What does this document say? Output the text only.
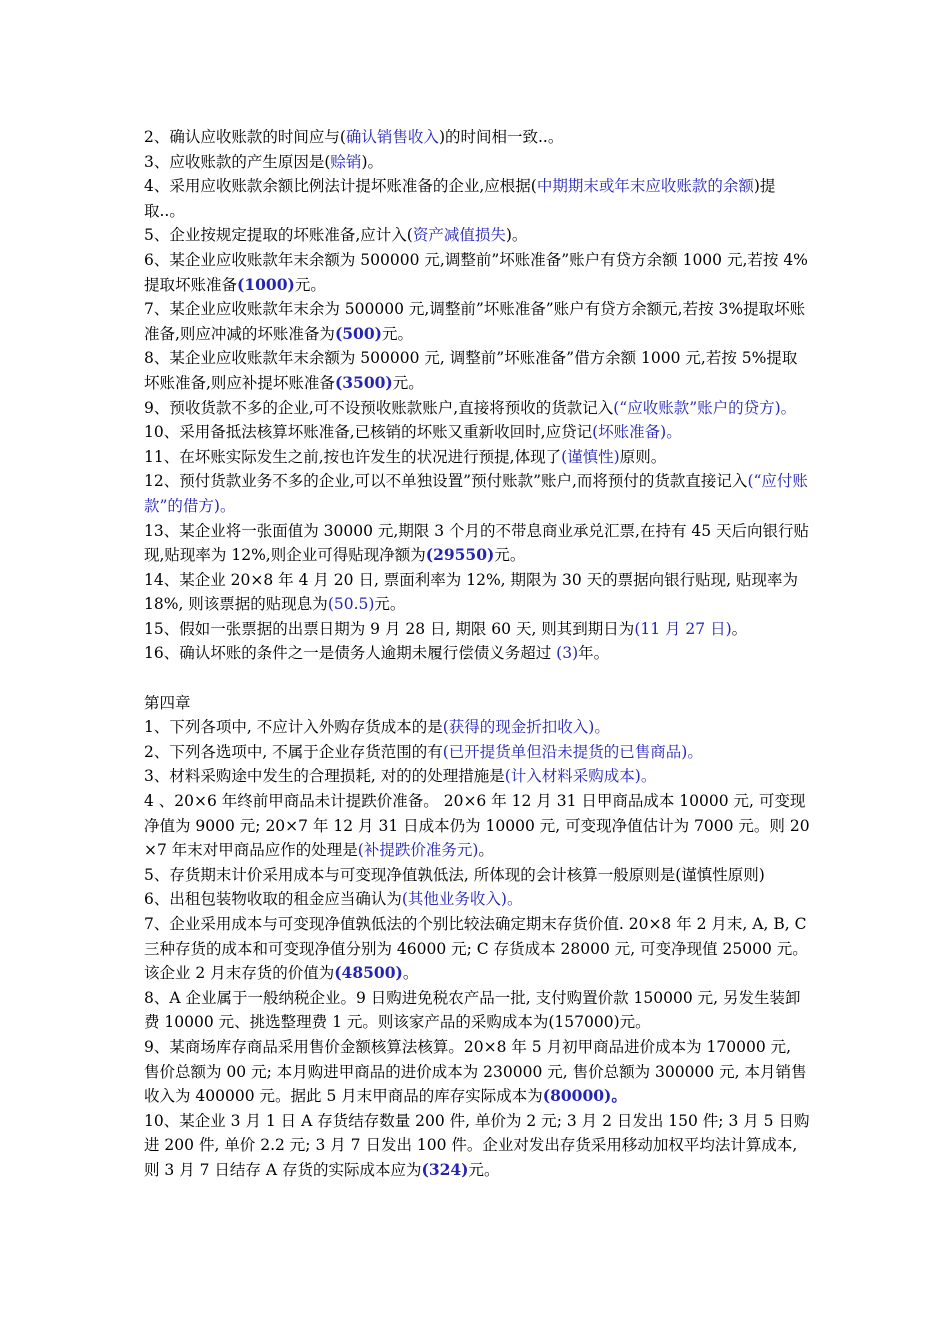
2、确认应收账款的时间应与(确认销售收入)的时间相一致..。
3、应收账款的产生原因是(赊销)。
4、采用应收账款余额比例法计提坏账准备的企业,应根据(中期期末或年末应收账款的余额)提取..。
5、企业按规定提取的坏账准备,应计入(资产减值损失)。
6、某企业应收账款年末余额为 500000 元,调整前”坏账准备”账户有贷方余额 1000 元,若按 4%提取坏账准备(1000)元。
7、某企业应收账款年末余为 500000 元,调整前”坏账准备”账户有贷方余额元,若按 3%提取坏账准备,则应冲减的坏账准备为(500)元。
8、某企业应收账款年末余额为 500000 元, 调整前”坏账准备”借方余额 1000 元,若按 5%提取坏账准备,则应补提坏账准备(3500)元。
9、预收货款不多的企业,可不设预收账款账户,直接将预收的货款记入(“应收账款”账户的贷方)。
10、采用备抵法核算坏账准备,已核销的坏账又重新收回时,应贷记(坏账准备)。
11、在坏账实际发生之前,按也许发生的状况进行预提,体现了(谨慎性)原则。
12、预付货款业务不多的企业,可以不单独设置”预付账款”账户,而将预付的货款直接记入(“应付账款”的借方)。
13、某企业将一张面值为 30000 元,期限 3 个月的不带息商业承兑汇票,在持有 45 天后向银行贴现,贴现率为 12%,则企业可得贴现净额为(29550)元。
14、某企业 20×8 年 4 月 20 日, 票面利率为 12%, 期限为 30 天的票据向银行贴现, 贴现率为 18%, 则该票据的贴现息为(50.5)元。
15、假如一张票据的出票日期为 9 月 28 日, 期限 60 天, 则其到期日为(11 月 27 日)。
16、确认坏账的条件之一是债务人逾期未履行偿债义务超过 (3)年。
第四章
1、下列各项中, 不应计入外购存货成本的是(获得的现金折扣收入)。
2、下列各选项中, 不属于企业存货范围的有(已开提货单但沿未提货的已售商品)。
3、材料采购途中发生的合理损耗, 对的的处理措施是(计入材料采购成本)。
4 、20×6 年终前甲商品未计提跌价准备。 20×6 年 12 月 31 日甲商品成本 10000 元, 可变现净值为 9000 元; 20×7 年 12 月 31 日成本仍为 10000 元, 可变现净值估计为 7000 元。则 20×7 年末对甲商品应作的处理是(补提跌价准务元)。
5、存货期末计价采用成本与可变现净值孰低法, 所体现的会计核算一般原则是(谨慎性原则)
6、出租包装物收取的租金应当确认为(其他业务收入)。
7、企业采用成本与可变现净值孰低法的个别比较法确定期末存货价值. 20×8 年 2 月末, A, B, C 三种存货的成本和可变现净值分别为 46000 元; C 存货成本 28000 元, 可变净现值 25000 元。该企业 2 月末存货的价值为(48500)。
8、A 企业属于一般纳税企业。9 日购进免税农产品一批, 支付购置价款 150000 元, 另发生装卸费 10000 元、挑选整理费 1 元。则该家产品的采购成本为(157000)元。
9、某商场库存商品采用售价金额核算法核算。20×8 年 5 月初甲商品进价成本为 170000 元, 售价总额为 00 元; 本月购进甲商品的进价成本为 230000 元, 售价总额为 300000 元, 本月销售收入为 400000 元。据此 5 月末甲商品的库存实际成本为(80000)。
10、某企业 3 月 1 日 A 存货结存数量 200 件, 单价为 2 元; 3 月 2 日发出 150 件; 3 月 5 日购进 200 件, 单价 2.2 元; 3 月 7 日发出 100 件。企业对发出存货采用移动加权平均法计算成本, 则 3 月 7 日结存 A 存货的实际成本应为(324)元。
